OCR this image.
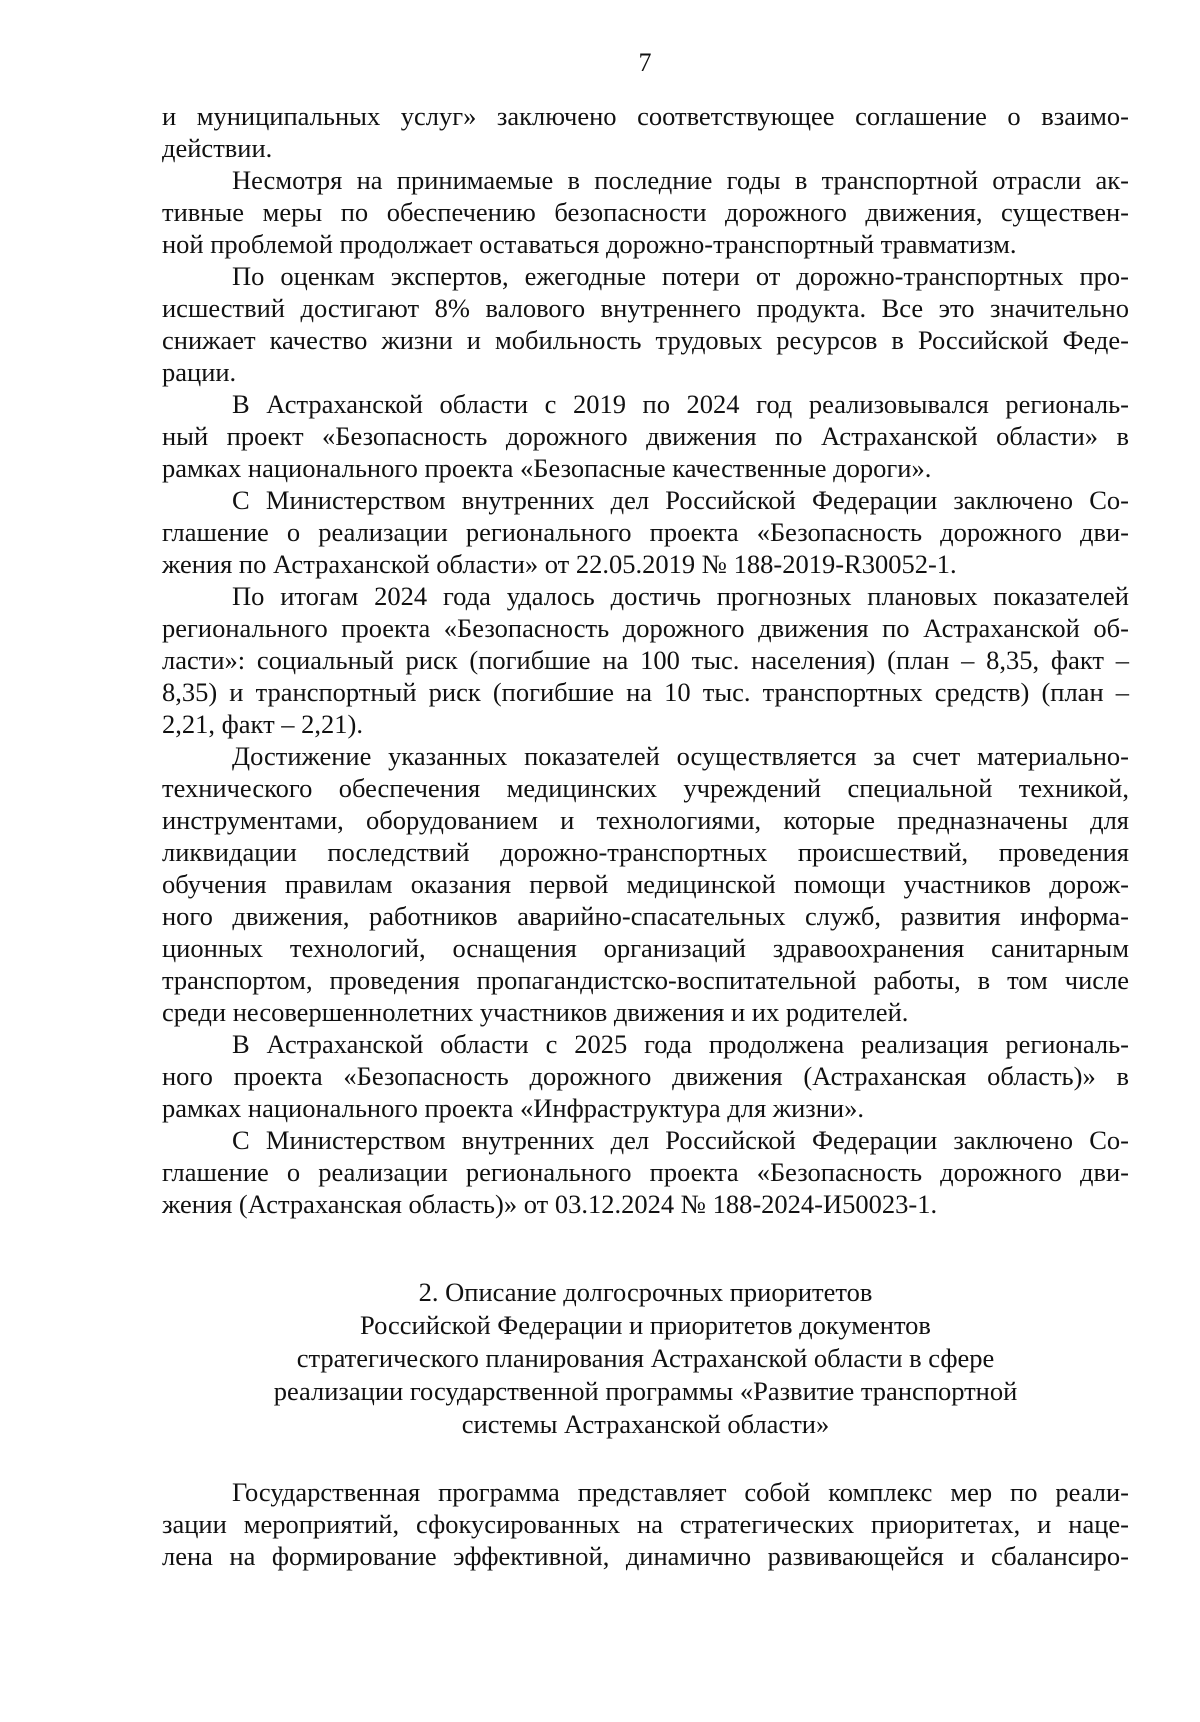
7
и муниципальных услуг» заключено соответствующее соглашение о взаимо-
действии.
Несмотря на принимаемые в последние годы в транспортной отрасли ак-
тивные меры по обеспечению безопасности дорожного движения, существен-
ной проблемой продолжает оставаться дорожно-транспортный травматизм.
По оценкам экспертов, ежегодные потери от дорожно-транспортных про-
исшествий достигают 8% валового внутреннего продукта. Все это значительно
снижает качество жизни и мобильность трудовых ресурсов в Российской Феде-
рации.
В Астраханской области с 2019 по 2024 год реализовывался региональ-
ный проект «Безопасность дорожного движения по Астраханской области» в
рамках национального проекта «Безопасные качественные дороги».
С Министерством внутренних дел Российской Федерации заключено Со-
глашение о реализации регионального проекта «Безопасность дорожного дви-
жения по Астраханской области» от 22.05.2019 № 188-2019-R30052-1.
По итогам 2024 года удалось достичь прогнозных плановых показателей
регионального проекта «Безопасность дорожного движения по Астраханской об-
ласти»: социальный риск (погибшие на 100 тыс. населения) (план – 8,35, факт –
8,35) и транспортный риск (погибшие на 10 тыс. транспортных средств) (план –
2,21, факт – 2,21).
Достижение указанных показателей осуществляется за счет материально-
технического обеспечения медицинских учреждений специальной техникой,
инструментами, оборудованием и технологиями, которые предназначены для
ликвидации последствий дорожно-транспортных происшествий, проведения
обучения правилам оказания первой медицинской помощи участников дорож-
ного движения, работников аварийно-спасательных служб, развития информа-
ционных технологий, оснащения организаций здравоохранения санитарным
транспортом, проведения пропагандистско-воспитательной работы, в том числе
среди несовершеннолетних участников движения и их родителей.
В Астраханской области с 2025 года продолжена реализация региональ-
ного проекта «Безопасность дорожного движения (Астраханская область)» в
рамках национального проекта «Инфраструктура для жизни».
С Министерством внутренних дел Российской Федерации заключено Со-
глашение о реализации регионального проекта «Безопасность дорожного дви-
жения (Астраханская область)» от 03.12.2024 № 188-2024-И50023-1.
2. Описание долгосрочных приоритетов
Российской Федерации и приоритетов документов
стратегического планирования Астраханской области в сфере
реализации государственной программы «Развитие транспортной
системы Астраханской области»
Государственная программа представляет собой комплекс мер по реали-
зации мероприятий, сфокусированных на стратегических приоритетах, и наце-
лена на формирование эффективной, динамично развивающейся и сбалансиро-
